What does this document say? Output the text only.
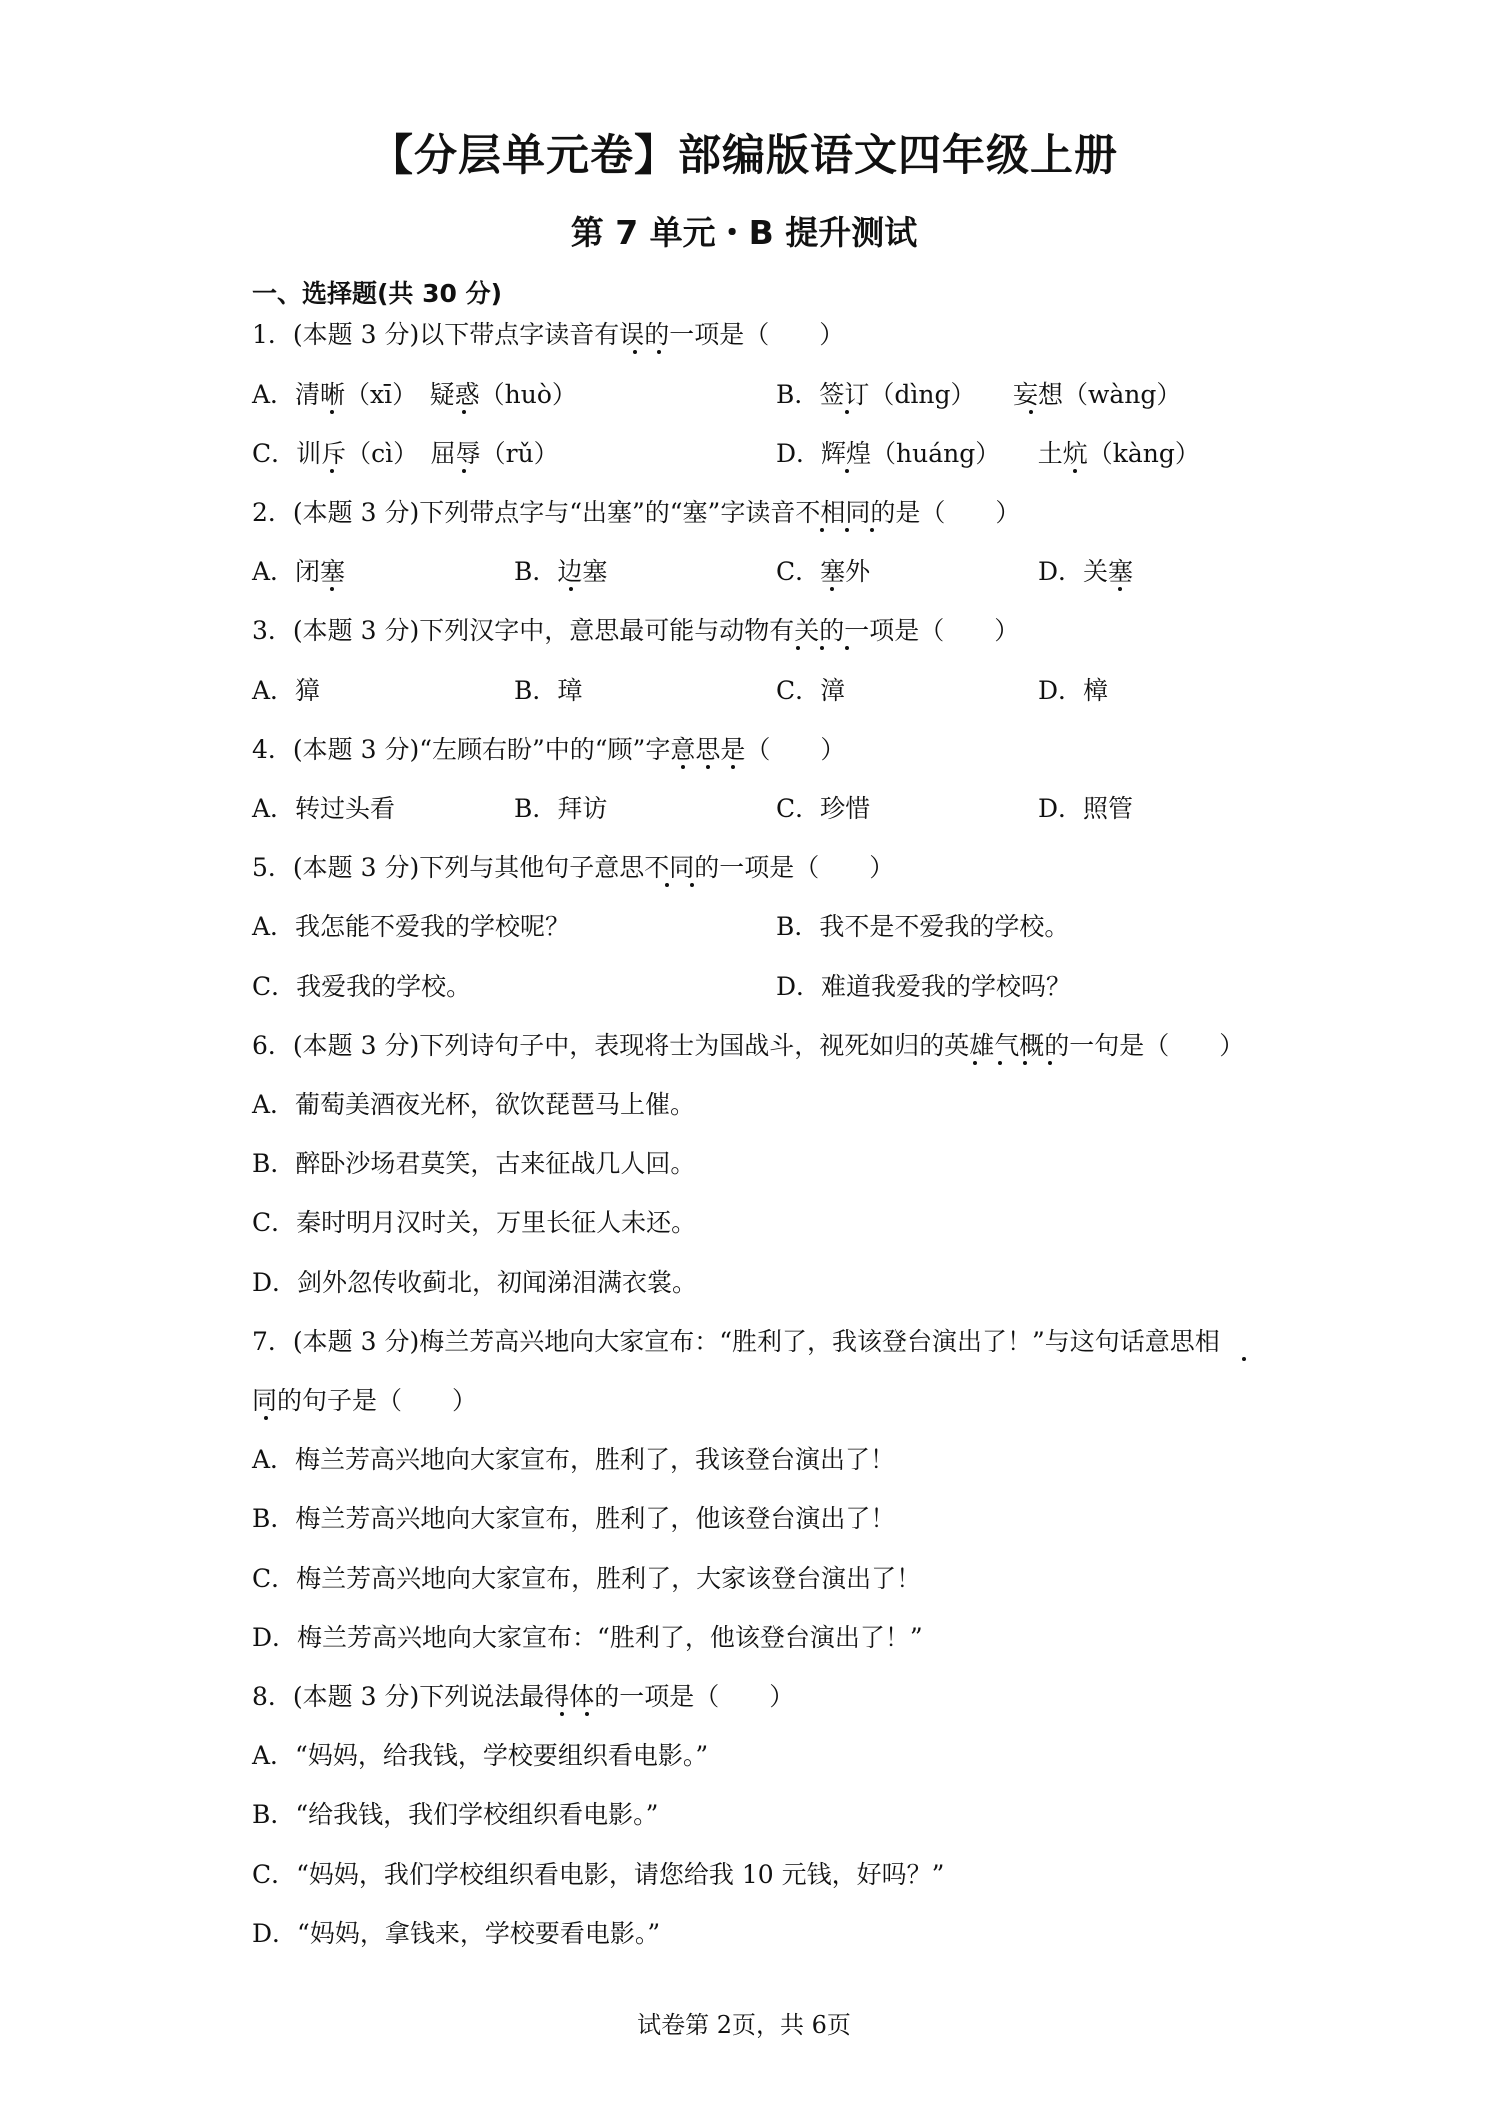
【分层单元卷】部编版语文四年级上册
第 7 单元・B 提升测试
一、选择题(共 30 分)
1．(本题 3 分)以下带点字读音有误的一项是（　　）
A．清晰（xī）　疑惑（huò）	B．签订（dìng）　　妄想（wàng）
C．训斥（cì）　屈辱（rǔ）	D．辉煌（huáng）　　土炕（kàng）
2．(本题 3 分)下列带点字与“出塞”的“塞”字读音不相同的是（　　）
A．闭塞	B．边塞	C．塞外	D．关塞
3．(本题 3 分)下列汉字中，意思最可能与动物有关的一项是（　　）
A．獐	B．璋	C．漳	D．樟
4．(本题 3 分)“左顾右盼”中的“顾”字意思是（　　）
A．转过头看	B．拜访	C．珍惜	D．照管
5．(本题 3 分)下列与其他句子意思不同的一项是（　　）
A．我怎能不爱我的学校呢？	B．我不是不爱我的学校。
C．我爱我的学校。	D．难道我爱我的学校吗？
6．(本题 3 分)下列诗句子中，表现将士为国战斗，视死如归的英雄气概的一句是（　　）
A．葡萄美酒夜光杯，欲饮琵琶马上催。
B．醉卧沙场君莫笑，古来征战几人回。
C．秦时明月汉时关，万里长征人未还。
D．剑外忽传收蓟北，初闻涕泪满衣裳。
7．(本题 3 分)梅兰芳高兴地向大家宣布：“胜利了，我该登台演出了！”与这句话意思相
同的句子是（　　）
A．梅兰芳高兴地向大家宣布，胜利了，我该登台演出了！
B．梅兰芳高兴地向大家宣布，胜利了，他该登台演出了！
C．梅兰芳高兴地向大家宣布，胜利了，大家该登台演出了！
D．梅兰芳高兴地向大家宣布：“胜利了，他该登台演出了！”
8．(本题 3 分)下列说法最得体的一项是（　　）
A．“妈妈，给我钱，学校要组织看电影。”
B．“给我钱，我们学校组织看电影。”
C．“妈妈，我们学校组织看电影，请您给我 10 元钱，好吗？”
D．“妈妈，拿钱来，学校要看电影。”
试卷第 2页，共 6页
